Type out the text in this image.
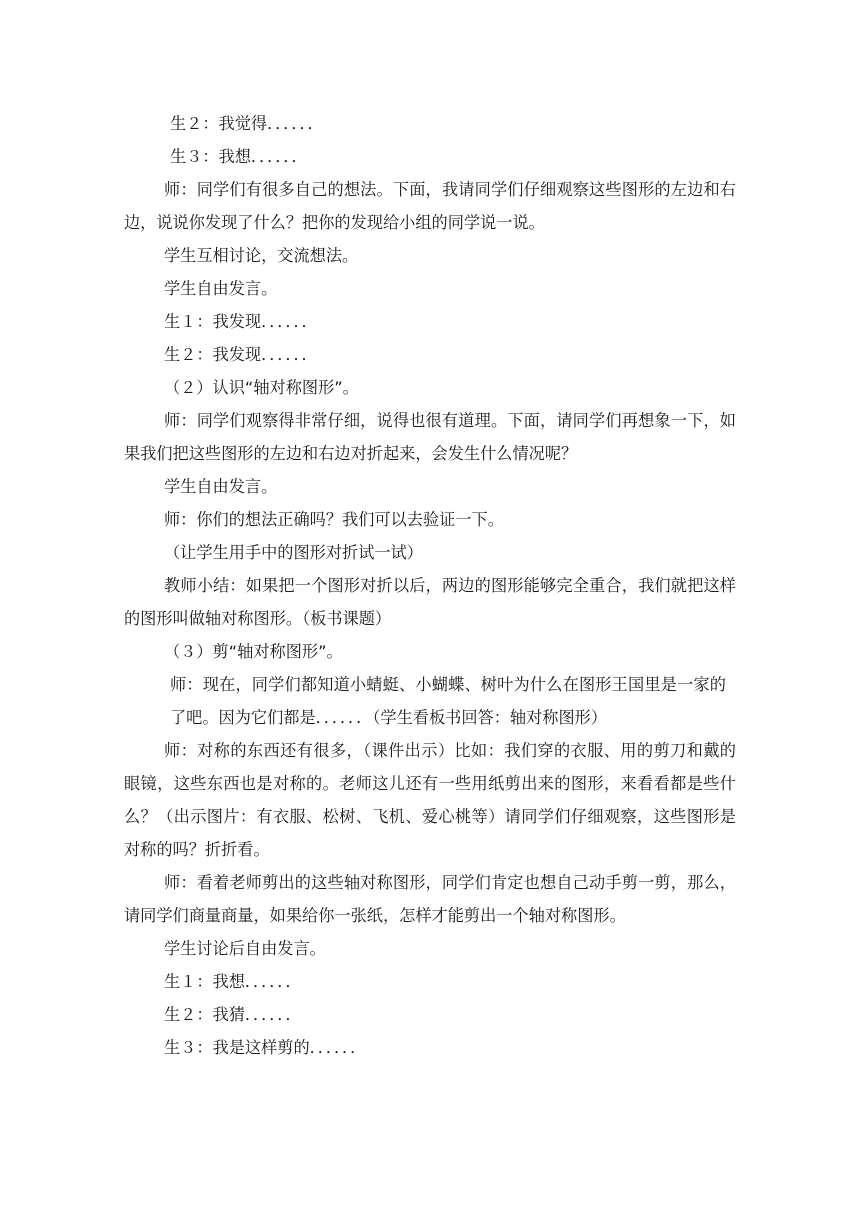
生２：我觉得．．．．．．

生３：我想．．．．．．

师：同学们有很多自己的想法。下面，我请同学们仔细观察这些图形的左边和右边，说说你发现了什么？把你的发现给小组的同学说一说。

学生互相讨论，交流想法。

学生自由发言。

生１：我发现．．．．．．

生２：我发现．．．．．．

（２）认识“轴对称图形”。

师：同学们观察得非常仔细，说得也很有道理。下面，请同学们再想象一下，如果我们把这些图形的左边和右边对折起来，会发生什么情况呢？

学生自由发言。

师：你们的想法正确吗？我们可以去验证一下。

（让学生用手中的图形对折试一试）

教师小结：如果把一个图形对折以后，两边的图形能够完全重合，我们就把这样的图形叫做轴对称图形。（板书课题）

（３）剪“轴对称图形”。

师：现在，同学们都知道小蜻蜓、小蝴蝶、树叶为什么在图形王国里是一家的了吧。因为它们都是．．．．．．（学生看板书回答：轴对称图形）

师：对称的东西还有很多，（课件出示）比如：我们穿的衣服、用的剪刀和戴的眼镜，这些东西也是对称的。老师这儿还有一些用纸剪出来的图形，来看看都是些什么？（出示图片：有衣服、松树、飞机、爱心桃等）请同学们仔细观察，这些图形是对称的吗？折折看。

师：看着老师剪出的这些轴对称图形，同学们肯定也想自己动手剪一剪，那么，请同学们商量商量，如果给你一张纸，怎样才能剪出一个轴对称图形。

学生讨论后自由发言。

生１：我想．．．．．．

生２：我猜．．．．．．

生３：我是这样剪的．．．．．．
